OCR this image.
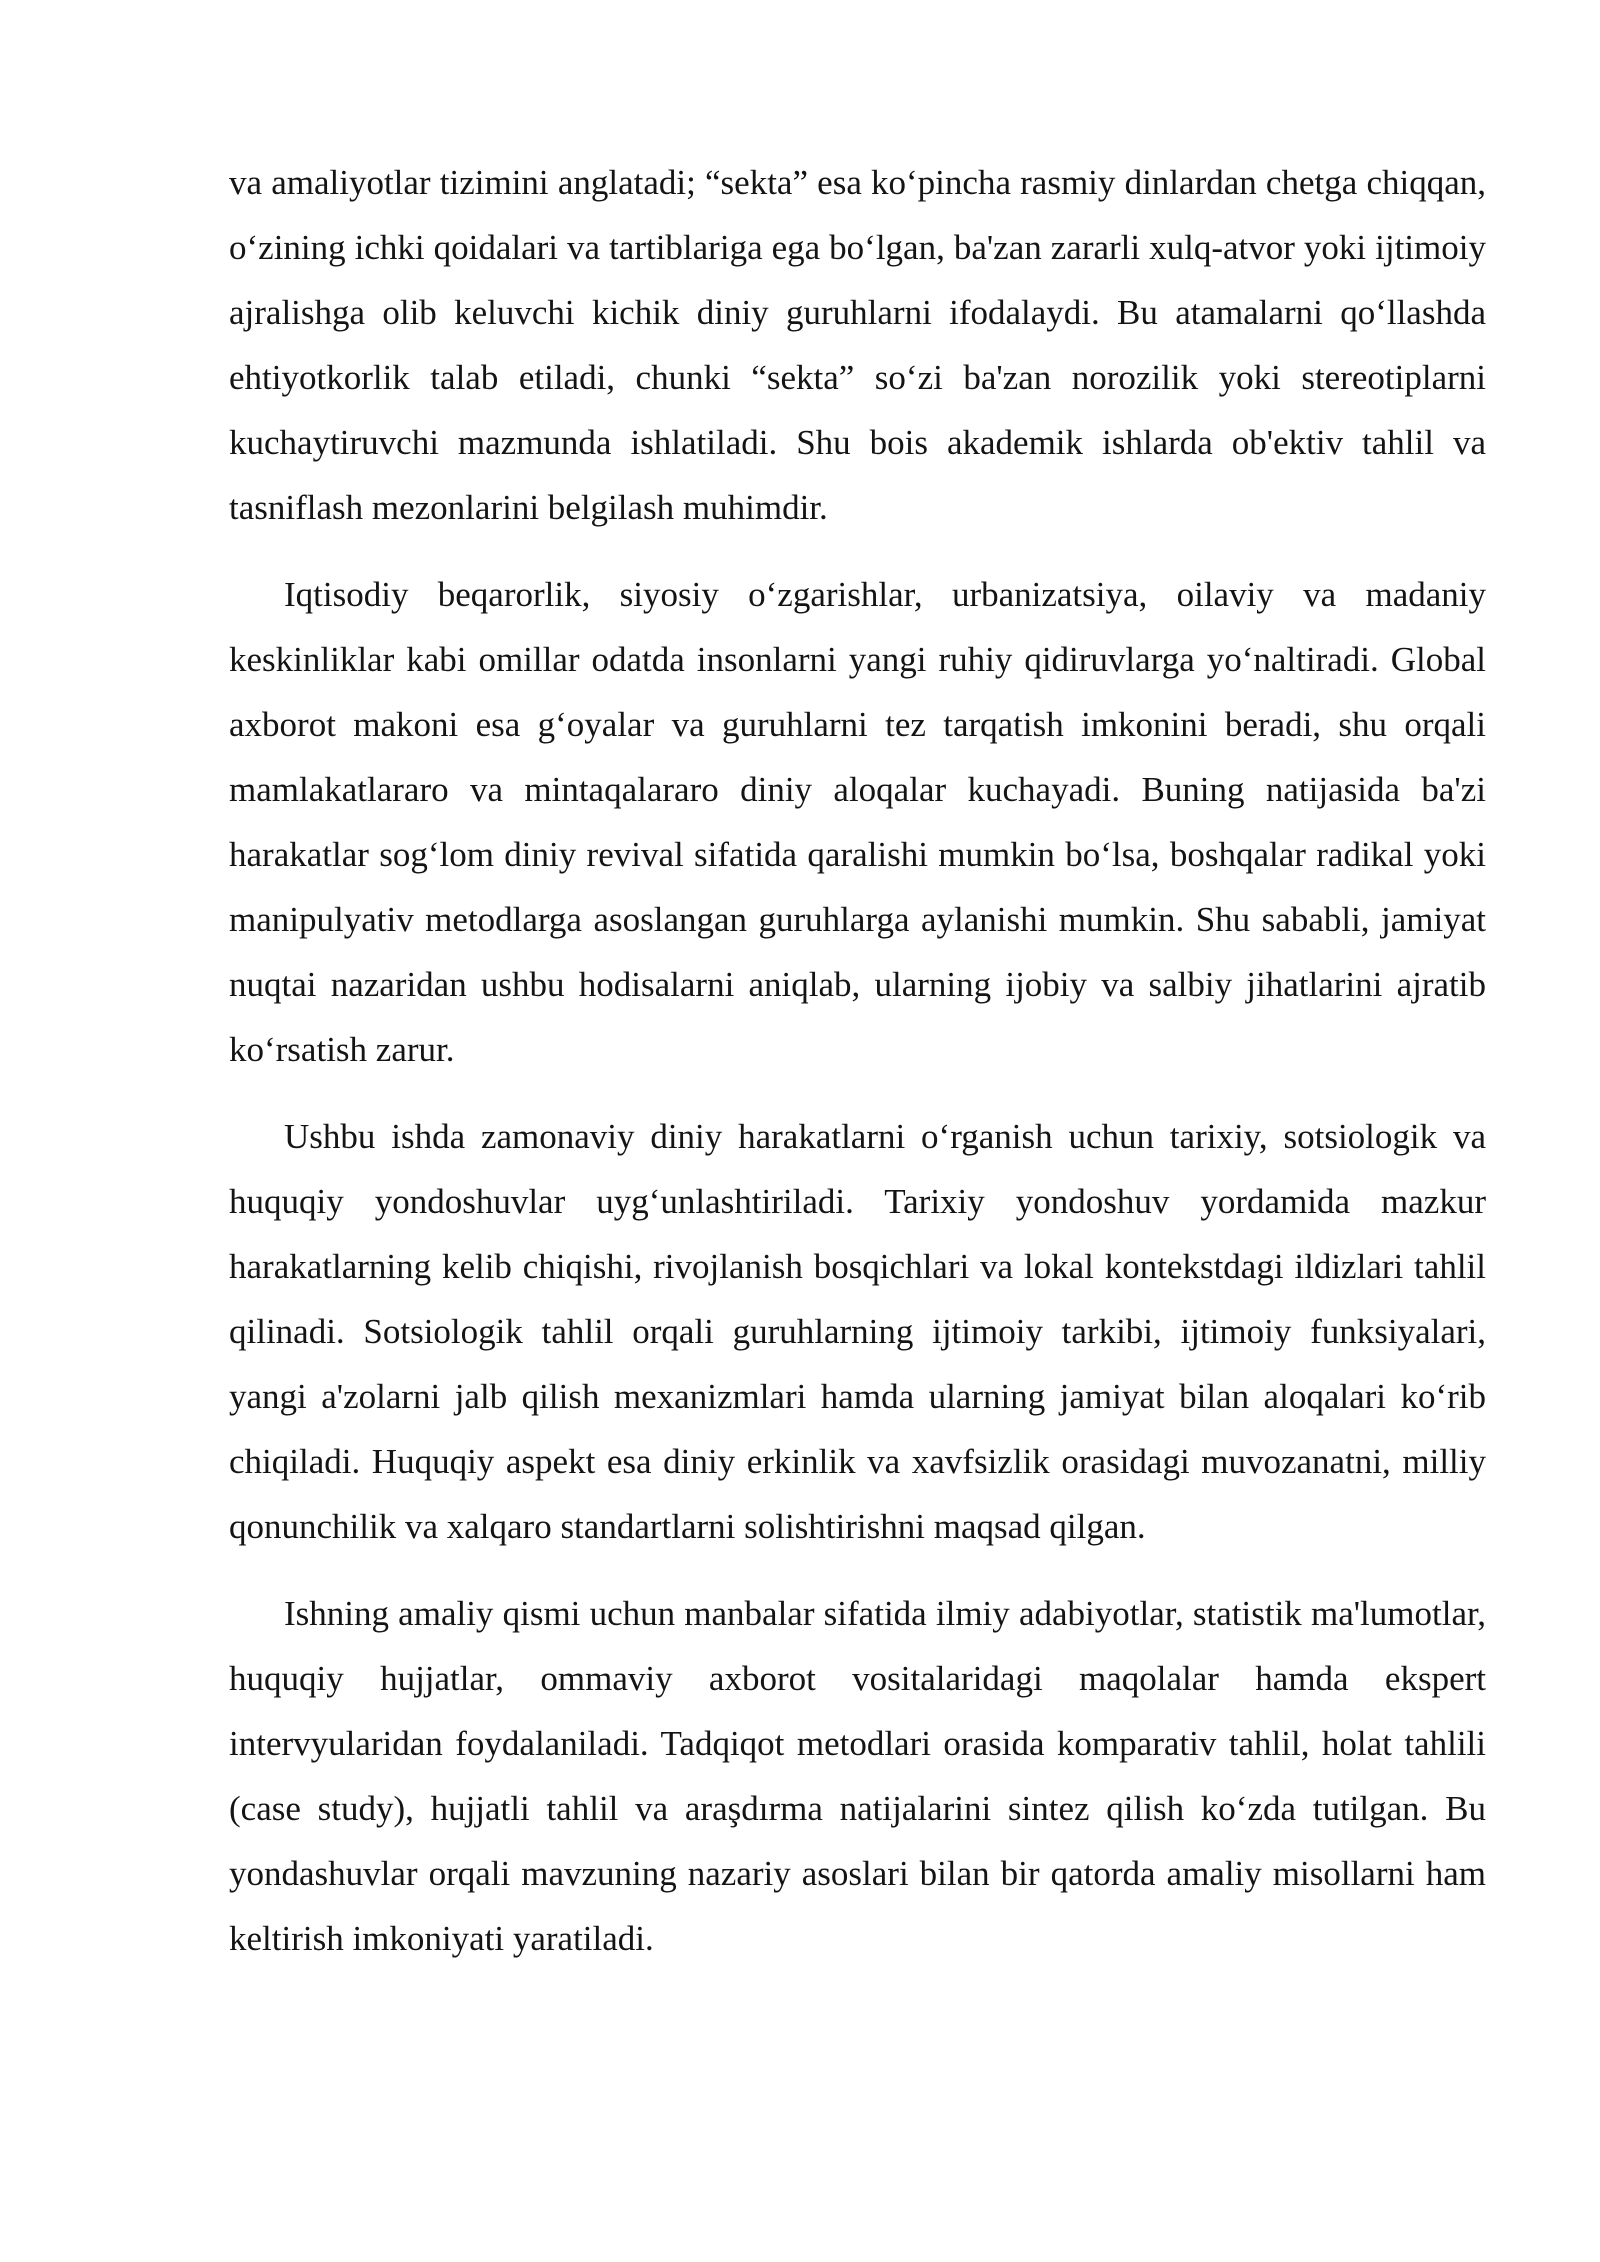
va amaliyotlar tizimini anglatadi; “sekta” esa koʻpincha rasmiy dinlardan chetga chiqqan, oʻzining ichki qoidalari va tartiblariga ega boʻlgan, ba'zan zararli xulq-atvor yoki ijtimoiy ajralishga olib keluvchi kichik diniy guruhlarni ifodalaydi. Bu atamalarni qoʻllashda ehtiyotkorlik talab etiladi, chunki “sekta” soʻzi ba'zan norozilik yoki stereotiplarni kuchaytiruvchi mazmunda ishlatiladi. Shu bois akademik ishlarda ob'ektiv tahlil va tasniflash mezonlarini belgilash muhimdir.

Iqtisodiy beqarorlik, siyosiy oʻzgarishlar, urbanizatsiya, oilaviy va madaniy keskinliklar kabi omillar odatda insonlarni yangi ruhiy qidiruvlarga yoʻnaltiradi. Global axborot makoni esa gʻoyalar va guruhlarni tez tarqatish imkonini beradi, shu orqali mamlakatlararo va mintaqalararo diniy aloqalar kuchayadi. Buning natijasida ba'zi harakatlar sogʻlom diniy revival sifatida qaralishi mumkin boʻlsa, boshqalar radikal yoki manipulyativ metodlarga asoslangan guruhlarga aylanishi mumkin. Shu sababli, jamiyat nuqtai nazaridan ushbu hodisalarni aniqlab, ularning ijobiy va salbiy jihatlarini ajratib koʻrsatish zarur.

Ushbu ishda zamonaviy diniy harakatlarni oʻrganish uchun tarixiy, sotsiologik va huquqiy yondoshuvlar uygʻunlashtiriladi. Tarixiy yondoshuv yordamida mazkur harakatlarning kelib chiqishi, rivojlanish bosqichlari va lokal kontekstdagi ildizlari tahlil qilinadi. Sotsiologik tahlil orqali guruhlarning ijtimoiy tarkibi, ijtimoiy funksiyalari, yangi a'zolarni jalb qilish mexanizmlari hamda ularning jamiyat bilan aloqalari koʻrib chiqiladi. Huquqiy aspekt esa diniy erkinlik va xavfsizlik orasidagi muvozanatni, milliy qonunchilik va xalqaro standartlarni solishtirishni maqsad qilgan.

Ishning amaliy qismi uchun manbalar sifatida ilmiy adabiyotlar, statistik ma'lumotlar, huquqiy hujjatlar, ommaviy axborot vositalaridagi maqolalar hamda ekspert intervyularidan foydalaniladi. Tadqiqot metodlari orasida komparativ tahlil, holat tahlili (case study), hujjatli tahlil va araşdırma natijalarini sintez qilish koʻzda tutilgan. Bu yondashuvlar orqali mavzuning nazariy asoslari bilan bir qatorda amaliy misollarni ham keltirish imkoniyati yaratiladi.
